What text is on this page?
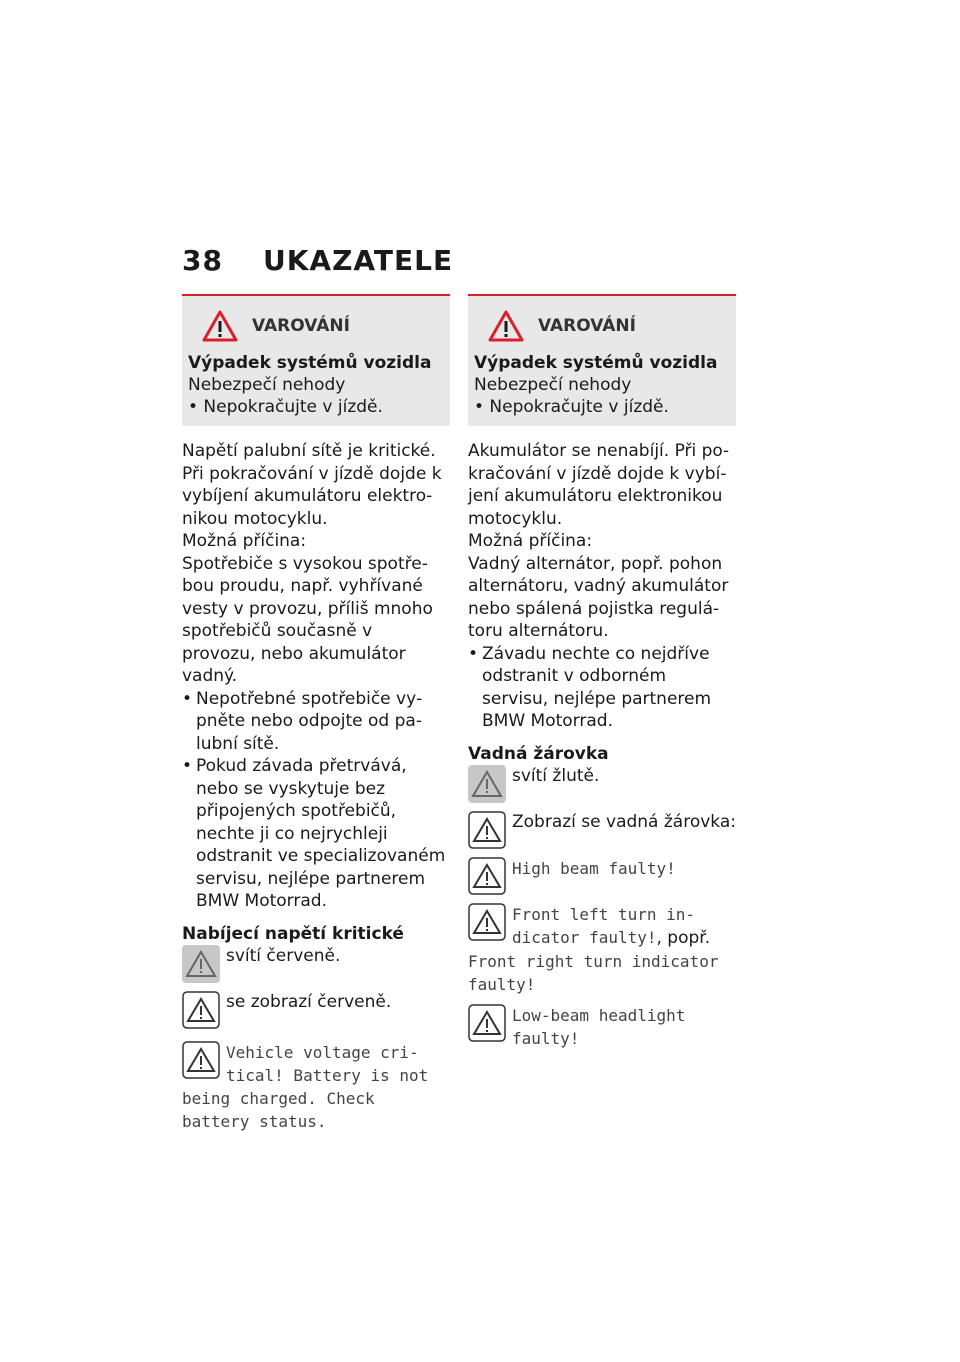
38 UKAZATELE
VAROVÁNÍ
Výpadek systémů vozidla
Nebezpečí nehody
• Nepokračujte v jízdě.

Napětí palubní sítě je kritické. Při pokračování v jízdě dojde k vybíjení akumulátoru elektronikou motocyklu.

Možná příčina:

Spotřebiče s vysokou spotřebou proudu, např. vyhřívané vesty v provozu, příliš mnoho spotřebičů současně v provozu, nebo akumulátor vadný.

• Nepotřebné spotřebiče vypněte nebo odpojte od palubní sítě.
• Pokud závada přetrvává, nebo se vyskytuje bez připojených spotřebičů, nechte ji co nejrychleji odstranit ve specializovaném servisu, nejlépe partnerem BMW Motorrad.
Nabíjecí napětí kritické
svítí červeně.
se zobrazí červeně.
Vehicle voltage critical! Battery is not being charged. Check battery status.
VAROVÁNÍ
Výpadek systémů vozidla
Nebezpečí nehody
• Nepokračujte v jízdě.

Akumulátor se nenabíjí. Při pokračování v jízdě dojde k vybíjení akumulátoru elektronikou motocyklu.

Možná příčina:

Vadný alternátor, popř. pohon alternátoru, vadný akumulátor nebo spálená pojistka regulátoru alternátoru.

• Závadu nechte co nejdříve odstranit v odborném servisu, nejlépe partnerem BMW Motorrad.
Vadná žárovka
svítí žlutě.
Zobrazí se vadná žárovka:
High beam faulty!
Front left turn indicator faulty!, popř. Front right turn indicator faulty!
Low-beam headlight faulty!
